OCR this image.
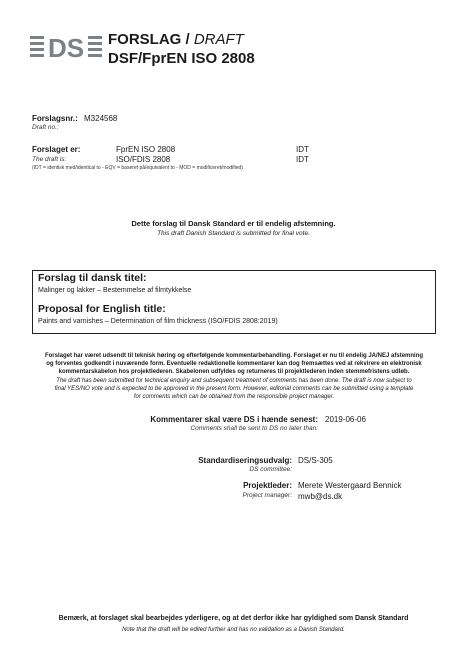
DS FORSLAG / DRAFT
DSF/FprEN ISO 2808
Forslagsnr.:
Draft no.:
M324568
Forslaget er:
The draft is:
FprEN ISO 2808	IDT
ISO/FDIS 2808	IDT
(IDT = identisk med/identical to - EQV = baseret på/equivalent to - MOD = modificeret/modified)
Dette forslag til Dansk Standard er til endelig afstemning.
This draft Danish Standard is submitted for final vote.
Forslag til dansk titel:
Malinger og lakker – Bestemmelse af filmtykkelse
Proposal for English title:
Paints and varnishes – Determination of film thickness (ISO/FDIS 2808:2019)
Forslaget har været udsendt til teknisk høring og efterfølgende kommentarbehandling. Forslaget er nu til endelig JA/NEJ afstemning
og forventes godkendt i nuværende form. Eventuelle redaktionelle kommentarer kan dog fremsættes ved at rekvirere en elektronisk
kommentarskabelon hos projektlederen. Skabelonen udfyldes og returneres til projektlederen inden stemmefristens udløb.
The draft has been submitted for technical enquiry and subsequent treatment of comments has been done. The draft is now subject to
final YES/NO vote and is expected to be approved in the present form. However, editorial comments can be submitted using a template
for comments which can be obtained from the responsible project manager.
Kommentarer skal være DS i hænde senest:
Comments shall be sent to DS no later than:
2019-06-06
Standardiseringsudvalg:
DS committee:
DS/S-305
Projektleder:
Project manager:
Merete Westergaard Bennick
mwb@ds.dk
Bemærk, at forslaget skal bearbejdes yderligere, og at det derfor ikke har gyldighed som Dansk Standard
Note that the draft will be edited further and has no validation as a Danish Standard.
